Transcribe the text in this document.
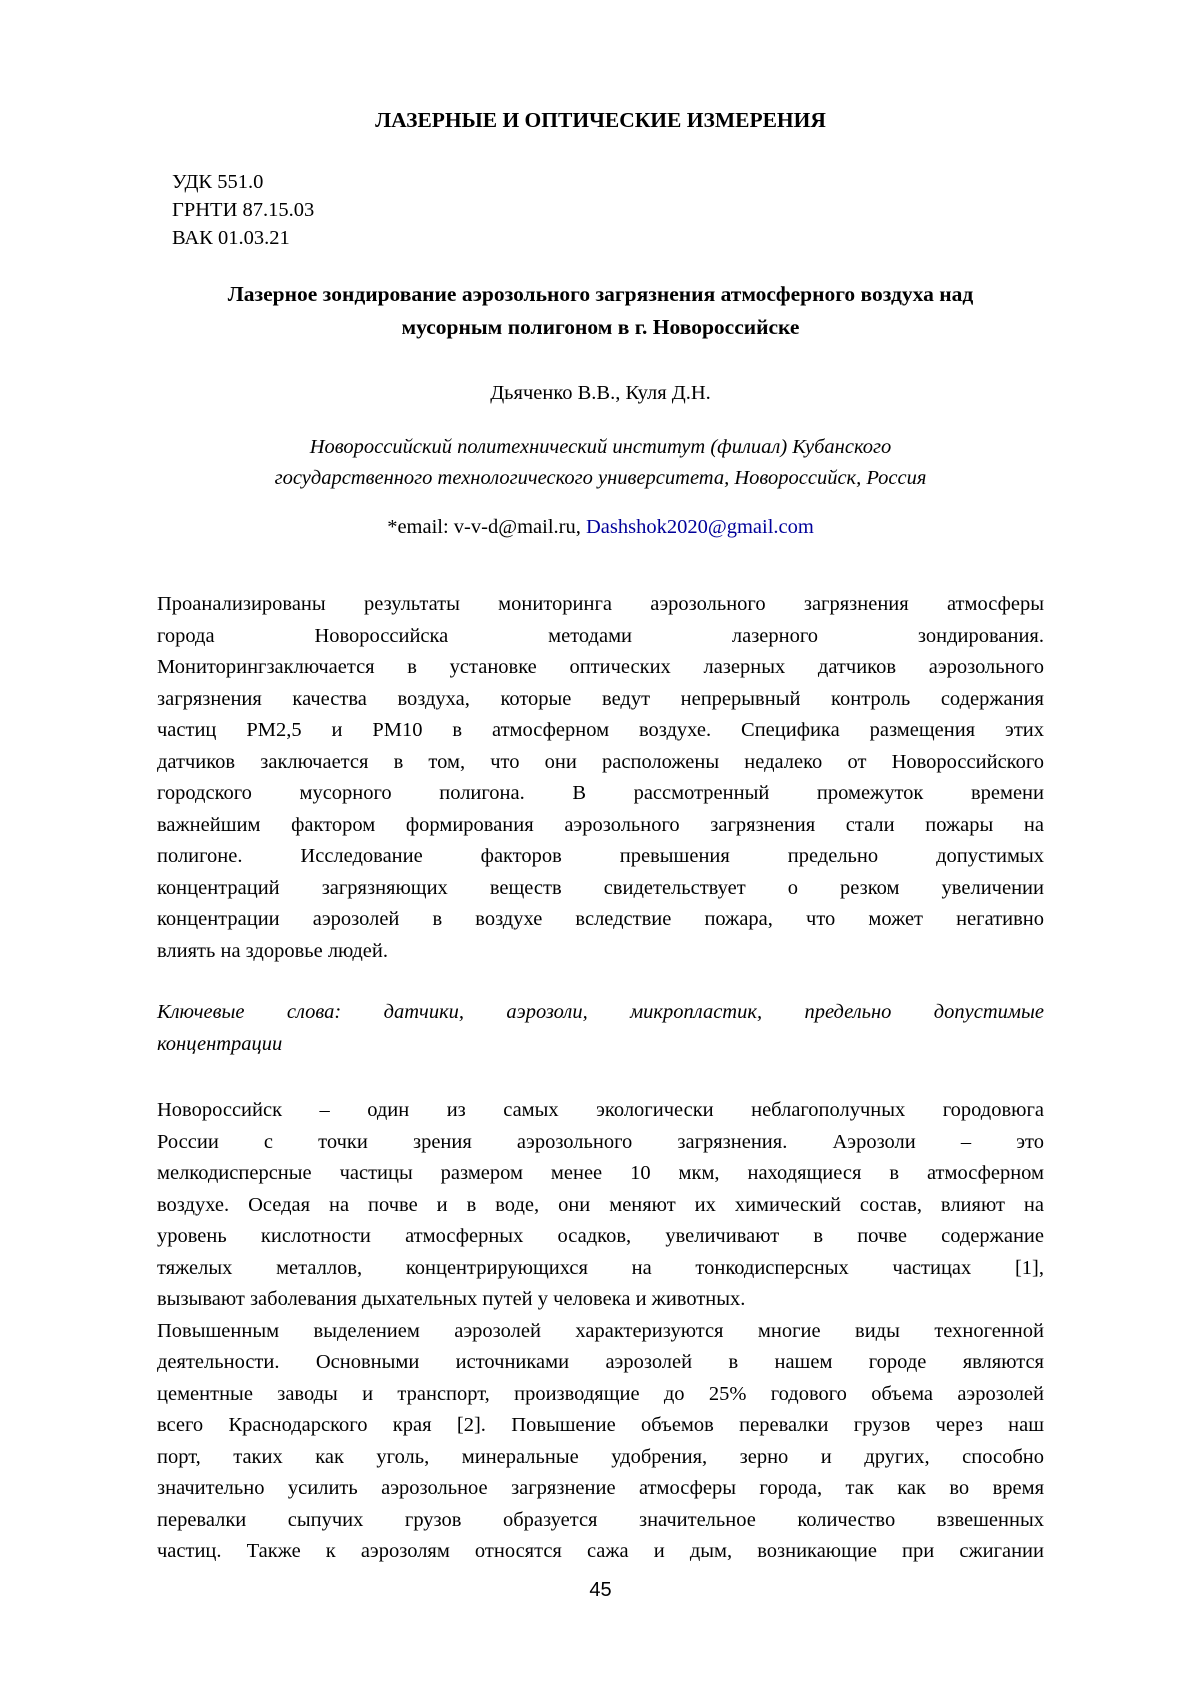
ЛАЗЕРНЫЕ И ОПТИЧЕСКИЕ ИЗМЕРЕНИЯ
УДК 551.0
ГРНТИ 87.15.03
ВАК 01.03.21
Лазерное зондирование аэрозольного загрязнения атмосферного воздуха над
мусорным полигоном в г. Новороссийске
Дьяченко В.В., Куля Д.Н.
Новороссийский политехнический институт (филиал) Кубанского
государственного технологического университета, Новороссийск, Россия
*email: v-v-d@mail.ru, Dashshok2020@gmail.com
Проанализированы результаты мониторинга аэрозольного загрязнения атмосферы
города Новороссийска методами лазерного зондирования.
Мониторингзаключается в установке оптических лазерных датчиков аэрозольного
загрязнения качества воздуха, которые ведут непрерывный контроль содержания
частиц PM2,5 и PM10 в атмосферном воздухе. Специфика размещения этих
датчиков заключается в том, что они расположены недалеко от Новороссийского
городского мусорного полигона. В рассмотренный промежуток времени
важнейшим фактором формирования аэрозольного загрязнения стали пожары на
полигоне. Исследование факторов превышения предельно допустимых
концентраций загрязняющих веществ свидетельствует о резком увеличении
концентрации аэрозолей в воздухе вследствие пожара, что может негативно
влиять на здоровье людей.
Ключевые слова: датчики, аэрозоли, микропластик, предельно допустимые
концентрации
Новороссийск – один из самых экологически неблагополучных городовюга
России с точки зрения аэрозольного загрязнения. Аэрозоли – это
мелкодисперсные частицы размером менее 10 мкм, находящиеся в атмосферном
воздухе. Оседая на почве и в воде, они меняют их химический состав, влияют на
уровень кислотности атмосферных осадков, увеличивают в почве содержание
тяжелых металлов, концентрирующихся на тонкодисперсных частицах [1],
вызывают заболевания дыхательных путей у человека и животных.
Повышенным выделением аэрозолей характеризуются многие виды техногенной
деятельности. Основными источниками аэрозолей в нашем городе являются
цементные заводы и транспорт, производящие до 25% годового объема аэрозолей
всего Краснодарского края [2]. Повышение объемов перевалки грузов через наш
порт, таких как уголь, минеральные удобрения, зерно и других, способно
значительно усилить аэрозольное загрязнение атмосферы города, так как во время
перевалки сыпучих грузов образуется значительное количество взвешенных
частиц. Также к аэрозолям относятся сажа и дым, возникающие при сжигании
45
